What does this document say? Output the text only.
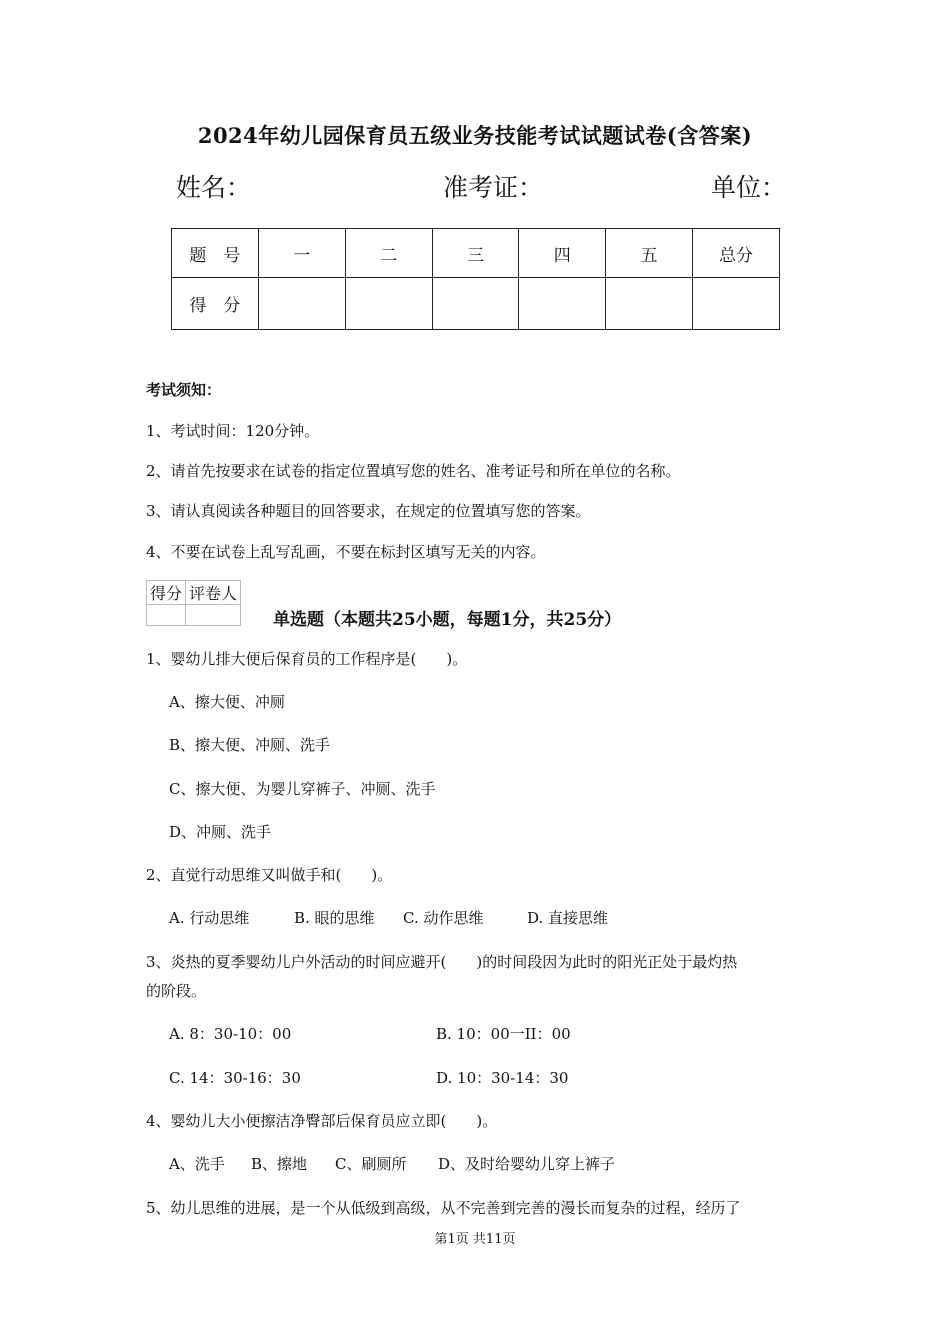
2024年幼儿园保育员五级业务技能考试试题试卷(含答案)
姓名：	准考证：	单位：
题　号	一	二	三	四	五	总分
得　分						
考试须知：
1、考试时间：120分钟。
2、请首先按要求在试卷的指定位置填写您的姓名、准考证号和所在单位的名称。
3、请认真阅读各种题目的回答要求，在规定的位置填写您的答案。
4、不要在试卷上乱写乱画，不要在标封区填写无关的内容。
得分	评卷人

单选题（本题共25小题，每题1分，共25分）
1、婴幼儿排大便后保育员的工作程序是(　　)。
A、擦大便、冲厕
B、擦大便、冲厕、洗手
C、擦大便、为婴儿穿裤子、冲厕、洗手
D、冲厕、洗手
2、直觉行动思维又叫做手和(　　)。
A. 行动思维	B. 眼的思维 C. 动作思维	D. 直接思维
3、炎热的夏季婴幼儿户外活动的时间应避开(　　)的时间段因为此时的阳光正处于最灼热
的阶段。
A. 8：30-10：00	B. 10：00一II：00
C. 14：30-16：30	D. 10：30-14：30
4、婴幼儿大小便擦洁净臀部后保育员应立即(　　)。
A、洗手 B、擦地 C、刷厕所 D、及时给婴幼儿穿上裤子
5、幼儿思维的进展，是一个从低级到高级，从不完善到完善的漫长而复杂的过程，经历了
第1页 共11页
